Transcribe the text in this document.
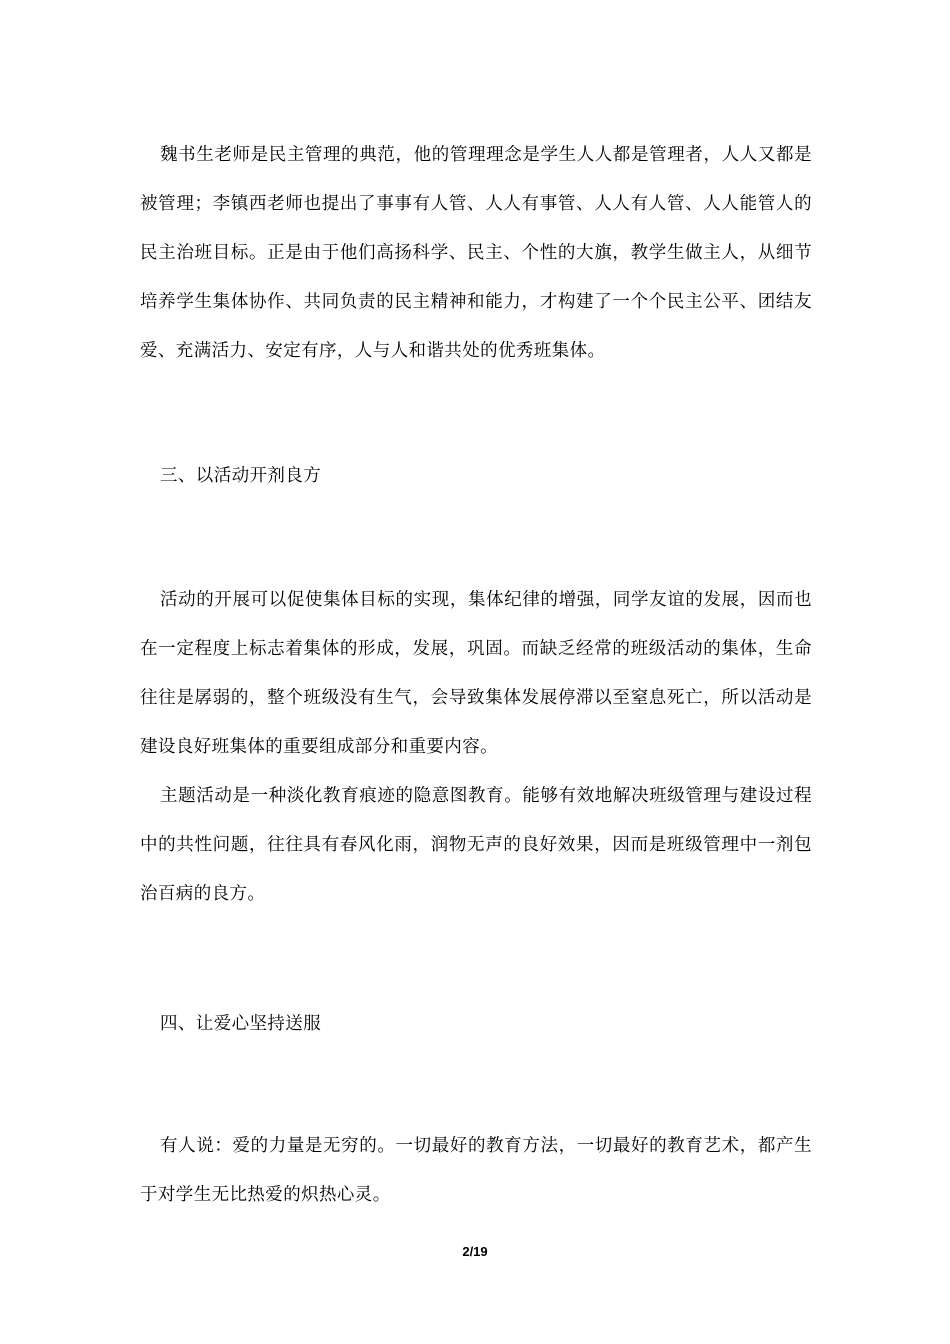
魏书生老师是民主管理的典范，他的管理理念是学生人人都是管理者，人人又都是被管理；李镇西老师也提出了事事有人管、人人有事管、人人有人管、人人能管人的民主治班目标。正是由于他们高扬科学、民主、个性的大旗，教学生做主人，从细节培养学生集体协作、共同负责的民主精神和能力，才构建了一个个民主公平、团结友爱、充满活力、安定有序，人与人和谐共处的优秀班集体。

三、以活动开剂良方

活动的开展可以促使集体目标的实现，集体纪律的增强，同学友谊的发展，因而也在一定程度上标志着集体的形成，发展，巩固。而缺乏经常的班级活动的集体，生命往往是孱弱的，整个班级没有生气，会导致集体发展停滞以至窒息死亡，所以活动是建设良好班集体的重要组成部分和重要内容。

主题活动是一种淡化教育痕迹的隐意图教育。能够有效地解决班级管理与建设过程中的共性问题，往往具有春风化雨，润物无声的良好效果，因而是班级管理中一剂包治百病的良方。

四、让爱心坚持送服

有人说：爱的力量是无穷的。一切最好的教育方法，一切最好的教育艺术，都产生于对学生无比热爱的炽热心灵。

2/19
